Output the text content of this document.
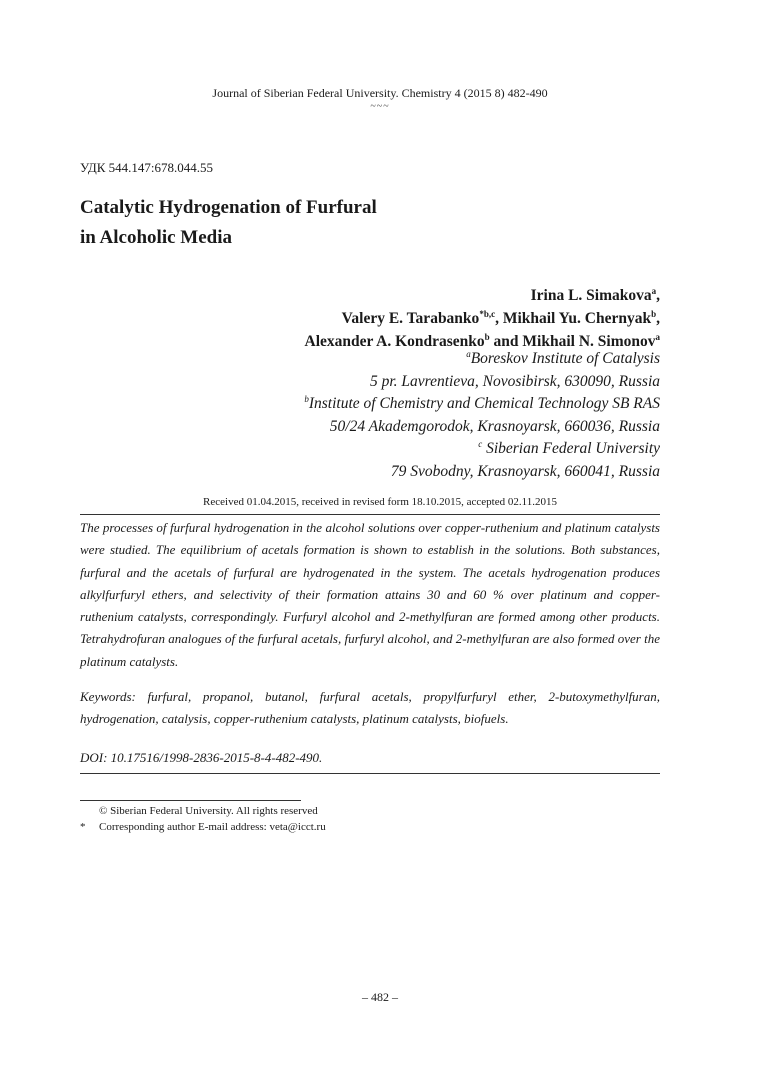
Journal of Siberian Federal University. Chemistry 4 (2015 8) 482-490
~~~
УДК 544.147:678.044.55
Catalytic Hydrogenation of Furfural
in Alcoholic Media
Irina L. Simakova$^a$,
Valery E. Tarabanko$^{*b,c}$, Mikhail Yu. Chernyak$^b$,
Alexander A. Kondrasenko$^b$ and Mikhail N. Simonov$^a$
$^a$Boreskov Institute of Catalysis
5 pr. Lavrentieva, Novosibirsk, 630090, Russia
$^b$Institute of Chemistry and Chemical Technology SB RAS
50/24 Akademgorodok, Krasnoyarsk, 660036, Russia
$^c$ Siberian Federal University
79 Svobodny, Krasnoyarsk, 660041, Russia
Received 01.04.2015, received in revised form 18.10.2015, accepted 02.11.2015
The processes of furfural hydrogenation in the alcohol solutions over copper-ruthenium and platinum catalysts were studied. The equilibrium of acetals formation is shown to establish in the solutions. Both substances, furfural and the acetals of furfural are hydrogenated in the system. The acetals hydrogenation produces alkylfurfuryl ethers, and selectivity of their formation attains 30 and 60 % over platinum and copper-ruthenium catalysts, correspondingly. Furfuryl alcohol and 2-methylfuran are formed among other products. Tetrahydrofuran analogues of the furfural acetals, furfuryl alcohol, and 2-methylfuran are also formed over the platinum catalysts.
Keywords: furfural, propanol, butanol, furfural acetals, propylfurfuryl ether, 2-butoxymethylfuran, hydrogenation, catalysis, copper-ruthenium catalysts, platinum catalysts, biofuels.
DOI: 10.17516/1998-2836-2015-8-4-482-490.
© Siberian Federal University. All rights reserved
* Corresponding author E-mail address: veta@icct.ru
– 482 –
